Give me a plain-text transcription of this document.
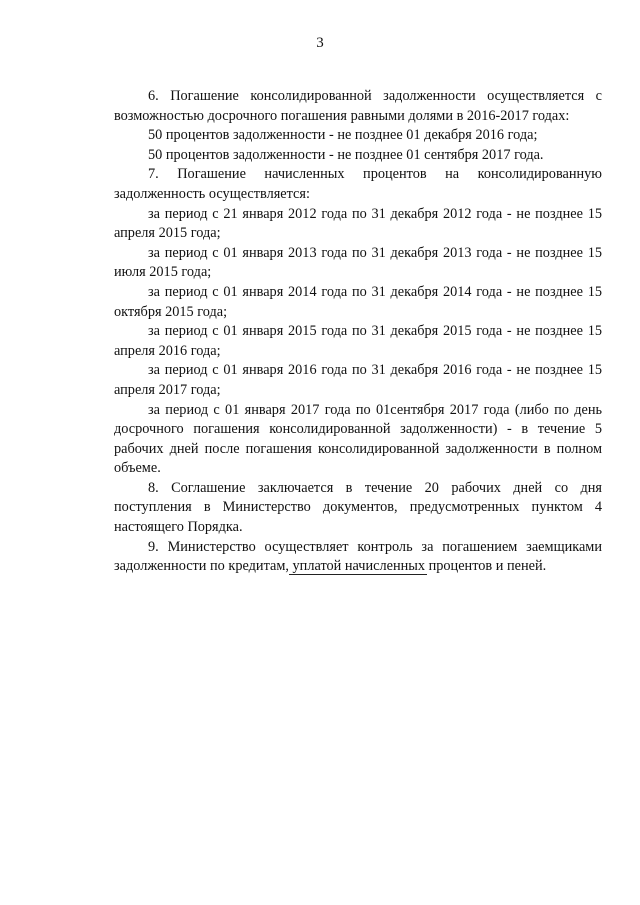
3

6. Погашение консолидированной задолженности осуществляется с возможностью досрочного погашения равными долями в 2016-2017 годах:

50 процентов задолженности - не позднее 01 декабря 2016 года;

50 процентов задолженности - не позднее 01 сентября 2017 года.

7. Погашение начисленных процентов на консолидированную задолженность осуществляется:

за период с 21 января 2012 года по 31 декабря 2012 года - не позднее 15 апреля 2015 года;

за период с 01 января 2013 года по 31 декабря 2013 года - не позднее 15 июля 2015 года;

за период с 01 января 2014 года по 31 декабря 2014 года - не позднее 15 октября 2015 года;

за период с 01 января 2015 года по 31 декабря 2015 года - не позднее 15 апреля 2016 года;

за период с 01 января 2016 года по 31 декабря 2016 года - не позднее 15 апреля 2017 года;

за период с 01 января 2017 года по 01сентября 2017 года (либо по день досрочного погашения консолидированной задолженности) - в течение 5 рабочих дней после погашения консолидированной задолженности в полном объеме.

8. Соглашение заключается в течение 20 рабочих дней со дня поступления в Министерство документов, предусмотренных пунктом 4 настоящего Порядка.

9. Министерство осуществляет контроль за погашением заемщиками задолженности по кредитам, уплатой начисленных процентов и пеней.
